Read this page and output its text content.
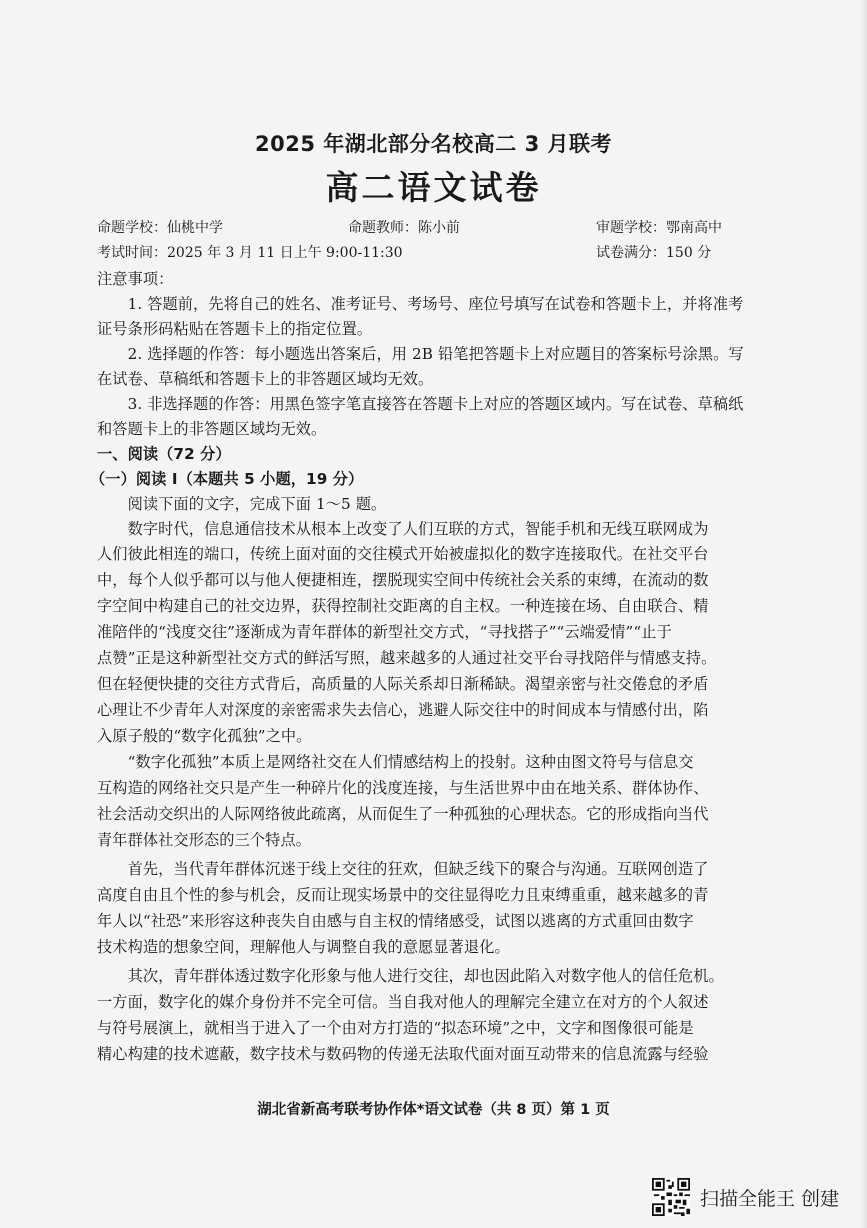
2025 年湖北部分名校高二 3 月联考
高二语文试卷
命题学校：仙桃中学	命题教师：陈小前	审题学校：鄂南高中
考试时间：2025 年 3 月 11 日上午 9:00-11:30	试卷满分：150 分
注意事项：
　　1. 答题前，先将自己的姓名、准考证号、考场号、座位号填写在试卷和答题卡上，并将准考
证号条形码粘贴在答题卡上的指定位置。
　　2. 选择题的作答：每小题选出答案后，用 2B 铅笔把答题卡上对应题目的答案标号涂黑。写
在试卷、草稿纸和答题卡上的非答题区域均无效。
　　3. 非选择题的作答：用黑色签字笔直接答在答题卡上对应的答题区域内。写在试卷、草稿纸
和答题卡上的非答题区域均无效。
一、阅读（72 分）
（一）阅读 I（本题共 5 小题，19 分）
　　阅读下面的文字，完成下面 1～5 题。
　　数字时代，信息通信技术从根本上改变了人们互联的方式，智能手机和无线互联网成为
人们彼此相连的端口，传统上面对面的交往模式开始被虚拟化的数字连接取代。在社交平台
中，每个人似乎都可以与他人便捷相连，摆脱现实空间中传统社会关系的束缚，在流动的数
字空间中构建自己的社交边界，获得控制社交距离的自主权。一种连接在场、自由联合、精
准陪伴的“浅度交往”逐渐成为青年群体的新型社交方式，“寻找搭子”“云端爱情”“止于
点赞”正是这种新型社交方式的鲜活写照，越来越多的人通过社交平台寻找陪伴与情感支持。
但在轻便快捷的交往方式背后，高质量的人际关系却日渐稀缺。渴望亲密与社交倦怠的矛盾
心理让不少青年人对深度的亲密需求失去信心，逃避人际交往中的时间成本与情感付出，陷
入原子般的“数字化孤独”之中。
　　“数字化孤独”本质上是网络社交在人们情感结构上的投射。这种由图文符号与信息交
互构造的网络社交只是产生一种碎片化的浅度连接，与生活世界中由在地关系、群体协作、
社会活动交织出的人际网络彼此疏离，从而促生了一种孤独的心理状态。它的形成指向当代
青年群体社交形态的三个特点。
　　首先，当代青年群体沉迷于线上交往的狂欢，但缺乏线下的聚合与沟通。互联网创造了
高度自由且个性的参与机会，反而让现实场景中的交往显得吃力且束缚重重，越来越多的青
年人以“社恐”来形容这种丧失自由感与自主权的情绪感受，试图以逃离的方式重回由数字
技术构造的想象空间，理解他人与调整自我的意愿显著退化。
　　其次，青年群体透过数字化形象与他人进行交往，却也因此陷入对数字他人的信任危机。
一方面，数字化的媒介身份并不完全可信。当自我对他人的理解完全建立在对方的个人叙述
与符号展演上，就相当于进入了一个由对方打造的“拟态环境”之中，文字和图像很可能是
精心构建的技术遮蔽，数字技术与数码物的传递无法取代面对面互动带来的信息流露与经验
湖北省新高考联考协作体*语文试卷（共 8 页）第 1 页
扫描全能王 创建
